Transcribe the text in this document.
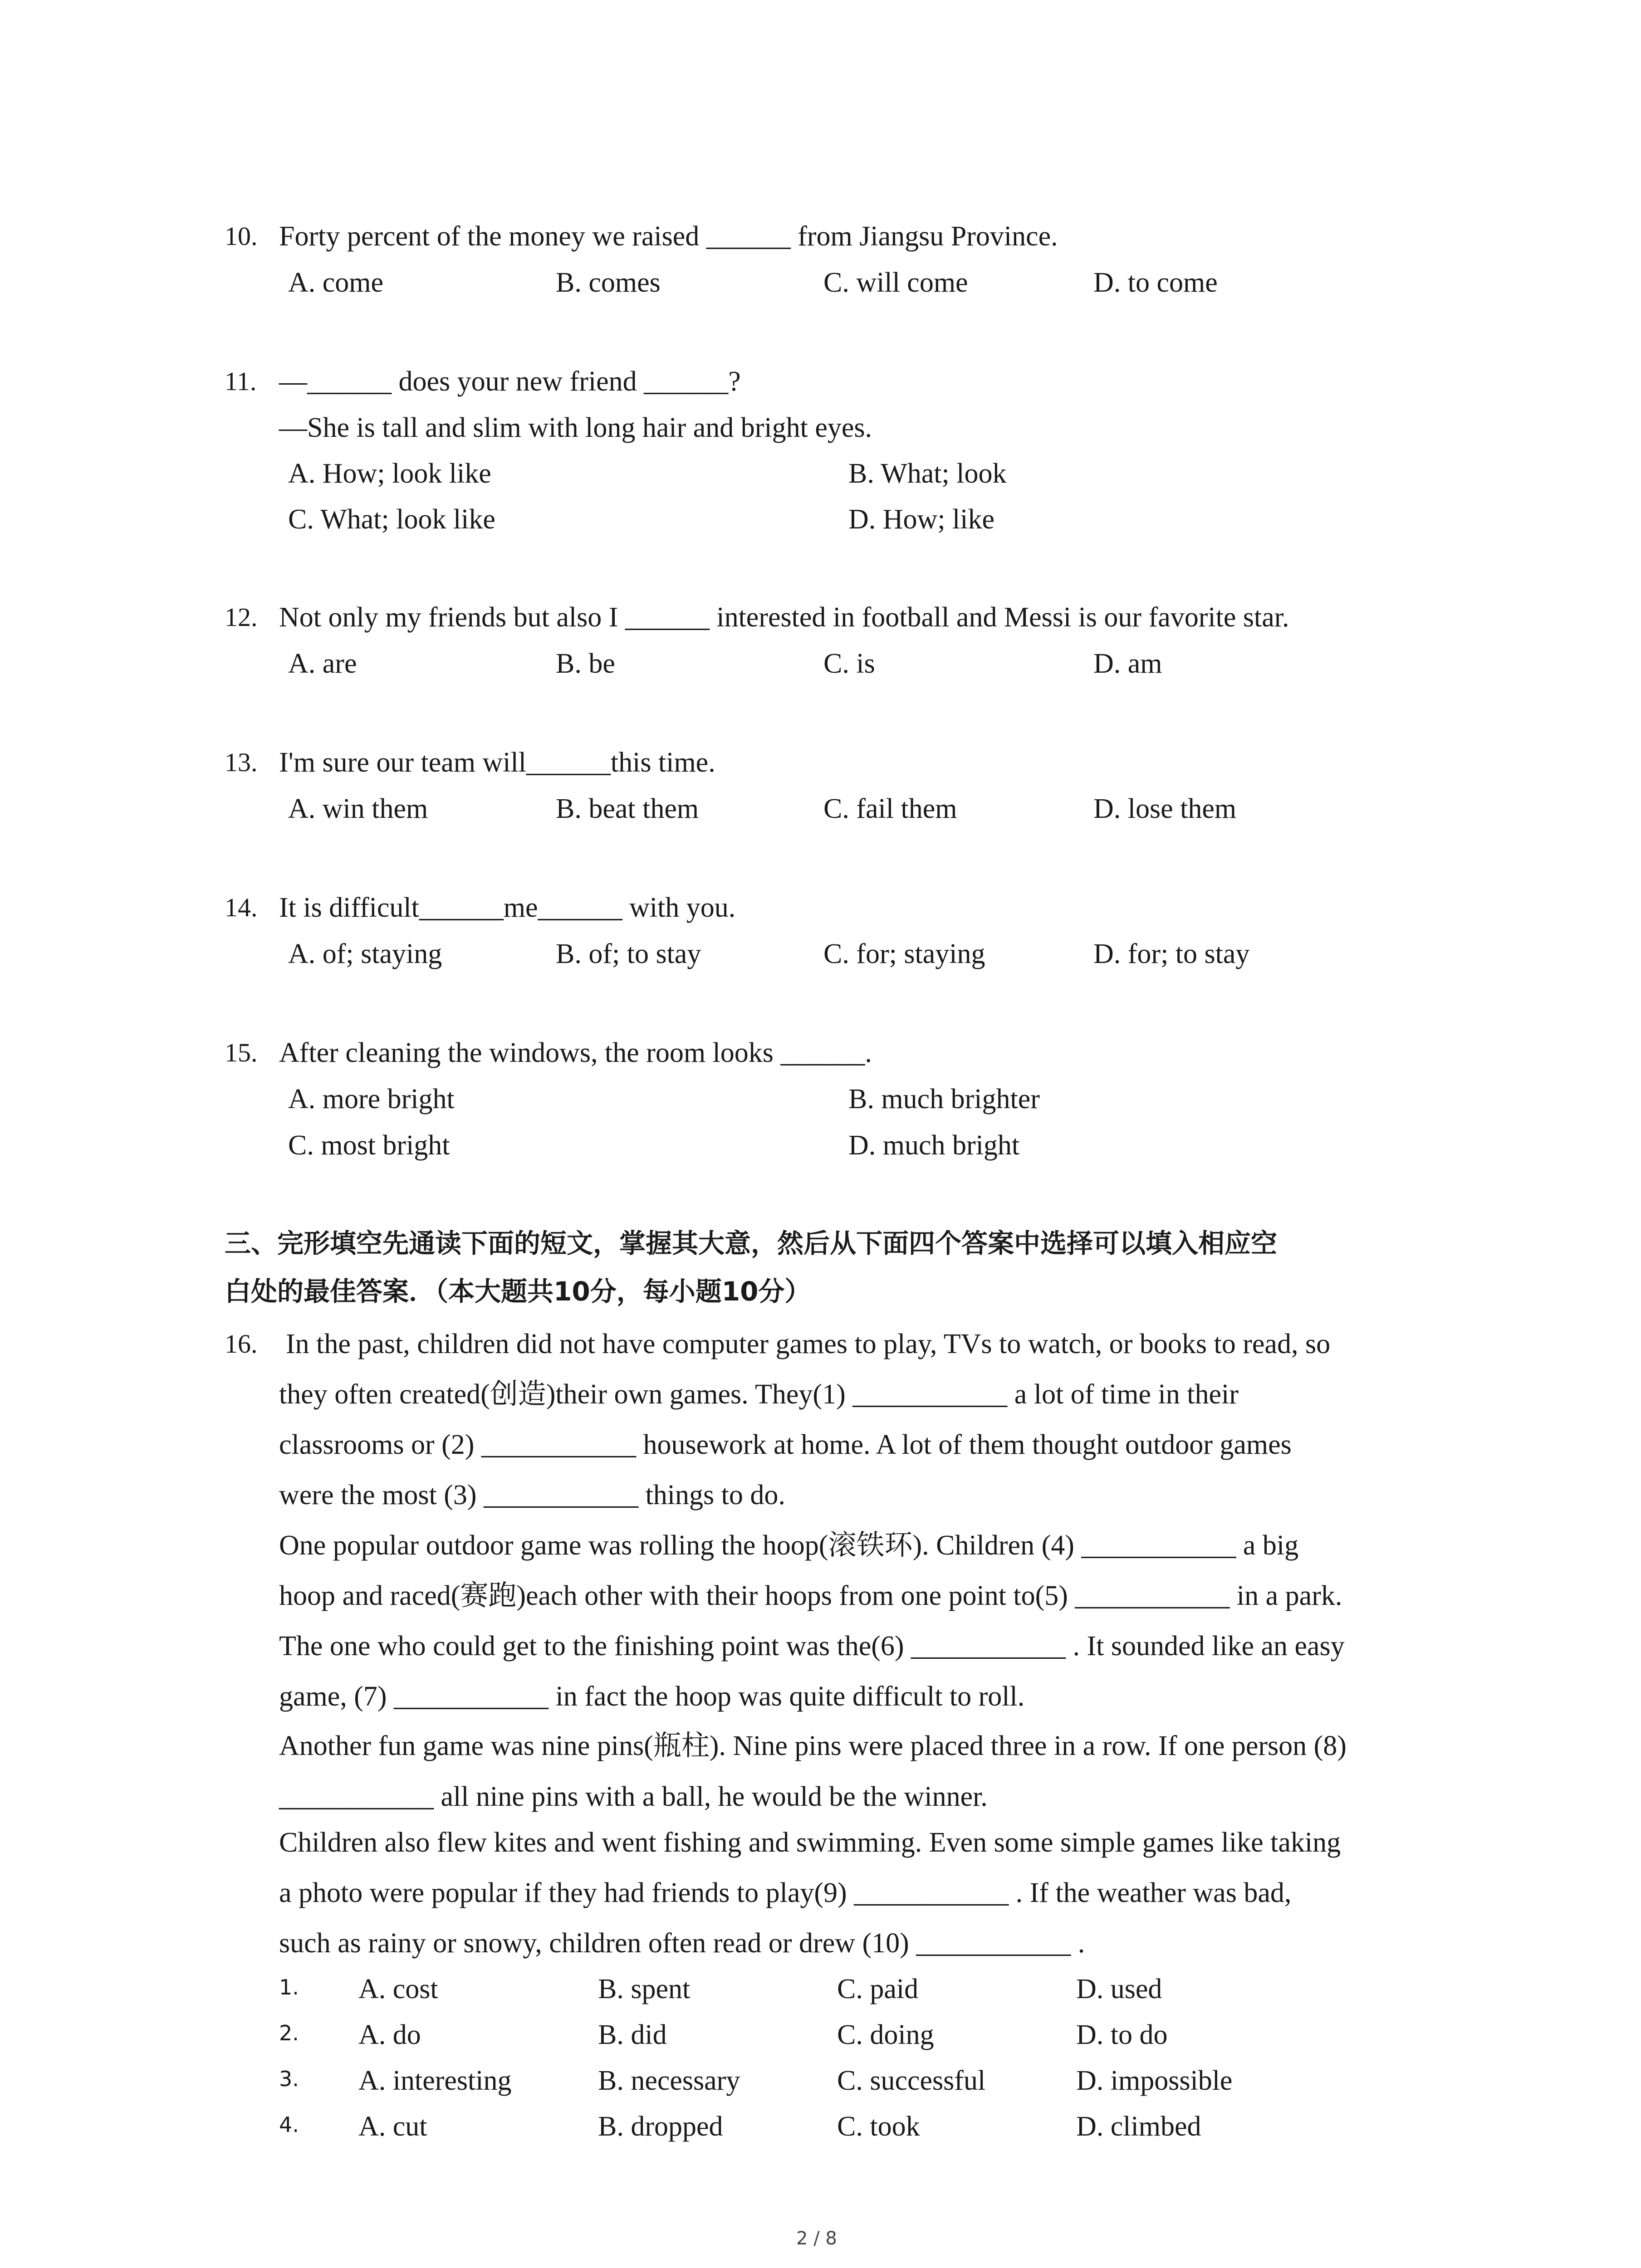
10. Forty percent of the money we raised ______ from Jiangsu Province.
A. come	B. comes	C. will come	D. to come
11. —______ does your new friend ______?
—She is tall and slim with long hair and bright eyes.
A. How; look like	B. What; look
C. What; look like	D. How; like
12. Not only my friends but also I ______ interested in football and Messi is our favorite star.
A. are	B. be	C. is	D. am
13. I'm sure our team will______this time.
A. win them	B. beat them	C. fail them	D. lose them
14. It is difficult______me______ with you.
A. of; staying	B. of; to stay	C. for; staying	D. for; to stay
15. After cleaning the windows, the room looks ______.
A. more bright	B. much brighter
C. most bright	D. much bright
三、完形填空先通读下面的短文，掌握其大意，然后从下面四个答案中选择可以填入相应空
白处的最佳答案．（本大题共10分，每小题10分）
16. In the past, children did not have computer games to play, TVs to watch, or books to read, so
they often created(创造)their own games. They(1) ___________ a lot of time in their
classrooms or (2) ___________ housework at home. A lot of them thought outdoor games
were the most (3) ___________ things to do.
One popular outdoor game was rolling the hoop(滚铁环). Children (4) ___________ a big
hoop and raced(赛跑)each other with their hoops from one point to(5) ___________ in a park.
The one who could get to the finishing point was the(6) ___________ . It sounded like an easy
game, (7) ___________ in fact the hoop was quite difficult to roll.
Another fun game was nine pins(瓶柱). Nine pins were placed three in a row. If one person (8)
___________ all nine pins with a ball, he would be the winner.
Children also flew kites and went fishing and swimming. Even some simple games like taking
a photo were popular if they had friends to play(9) ___________ . If the weather was bad,
such as rainy or snowy, children often read or drew (10) ___________ .
1. A. cost	B. spent	C. paid	D. used
2. A. do	B. did	C. doing	D. to do
3. A. interesting	B. necessary	C. successful	D. impossible
4. A. cut	B. dropped	C. took	D. climbed
2 / 8
